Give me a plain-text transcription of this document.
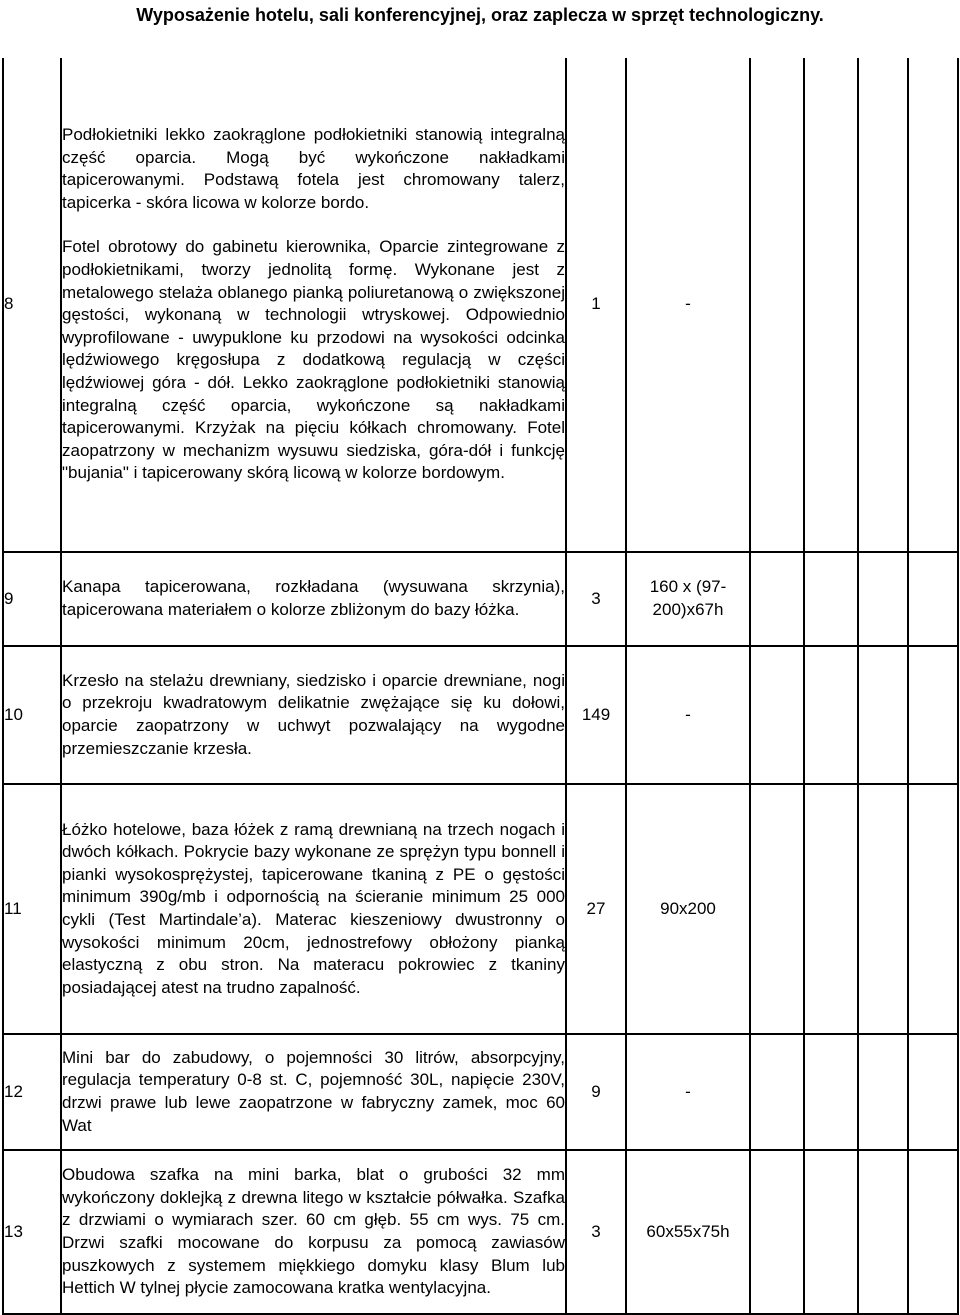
Wyposażenie hotelu, sali konferencyjnej, oraz zaplecza w sprzęt technologiczny.
8	Podłokietniki lekko zaokrąglone podłokietniki stanowią integralną część oparcia. Mogą być wykończone nakładkami tapicerowanymi. Podstawą fotela jest chromowany talerz, tapicerka - skóra licowa w kolorze bordo.

Fotel obrotowy do gabinetu kierownika, Oparcie zintegrowane z podłokietnikami, tworzy jednolitą formę. Wykonane jest z metalowego stelaża oblanego pianką poliuretanową o zwiększonej gęstości, wykonaną w technologii wtryskowej. Odpowiednio wyprofilowane - uwypuklone ku przodowi na wysokości odcinka lędźwiowego kręgosłupa z dodatkową regulacją w części lędźwiowej góra - dół. Lekko zaokrąglone podłokietniki stanowią integralną część oparcia, wykończone są nakładkami tapicerowanymi. Krzyżak na pięciu kółkach chromowany. Fotel zaopatrzony w mechanizm wysuwu siedziska, góra-dół i funkcję "bujania" i tapicerowany skórą licową w kolorze bordowym.	1	-				
9	Kanapa tapicerowana, rozkładana (wysuwana skrzynia), tapicerowana materiałem o kolorze zbliżonym do bazy łóżka.	3	160 x (97-200)x67h				
10	Krzesło na stelażu drewniany, siedzisko i oparcie drewniane, nogi o przekroju kwadratowym delikatnie zwężające się ku dołowi, oparcie zaopatrzony w uchwyt pozwalający na wygodne przemieszczanie krzesła.	149	-				
11	Łóżko hotelowe, baza łóżek z ramą drewnianą na trzech nogach i dwóch kółkach. Pokrycie bazy wykonane ze sprężyn typu bonnell i pianki wysokosprężystej, tapicerowane tkaniną z PE o gęstości minimum 390g/mb i odpornością na ścieranie minimum 25 000 cykli (Test Martindale’a). Materac kieszeniowy dwustronny o wysokości minimum 20cm, jednostrefowy obłożony pianką elastyczną z obu stron. Na materacu pokrowiec z tkaniny posiadającej atest na trudno zapalność.	27	90x200				
12	Mini bar do zabudowy, o pojemności 30 litrów, absorpcyjny, regulacja temperatury 0-8 st. C, pojemność 30L, napięcie 230V, drzwi prawe lub lewe zaopatrzone w fabryczny zamek, moc 60 Wat	9	-				
13	Obudowa szafka na mini barka, blat o grubości 32 mm wykończony doklejką z drewna litego w kształcie półwałka. Szafka z drzwiami o wymiarach szer. 60 cm głęb. 55 cm wys. 75 cm. Drzwi szafki mocowane do korpusu za pomocą zawiasów puszkowych z systemem miękkiego domyku klasy Blum lub Hettich W tylnej płycie zamocowana kratka wentylacyjna.	3	60x55x75h				
